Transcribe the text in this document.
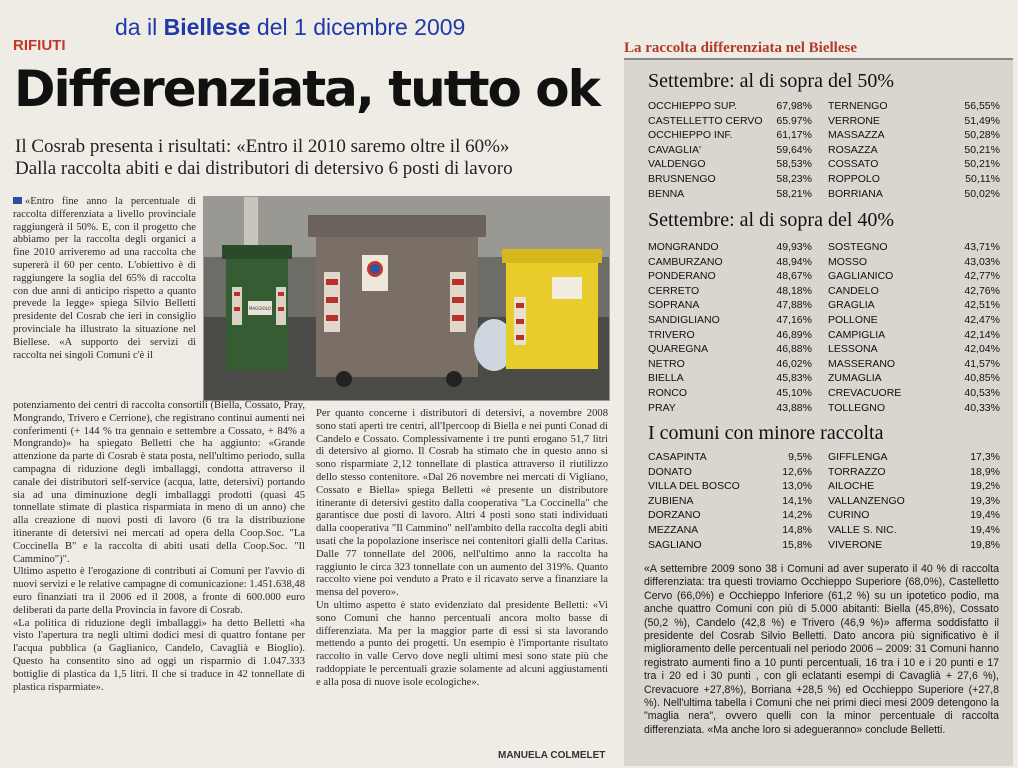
da il Biellese del 1 dicembre 2009
RIFIUTI
Differenziata, tutto ok
Il Cosrab presenta i risultati: «Entro il 2010 saremo oltre il 60%»
Dalla raccolta abiti e dai distributori di detersivo 6 posti di lavoro

«Entro fine anno la percentuale di raccolta differenziata a livello provinciale raggiungerà il 50%. E, con il progetto che abbiamo per la raccolta degli organici a fine 2010 arriveremo ad una raccolta che supererà il 60 per cento. L'obiettivo è di raggiungere la soglia del 65% di raccolta con due anni di anticipo rispetto a quanto prevede la legge» spiega Silvio Belletti presidente del Cosrab che ieri in consiglio provinciale ha illustrato la situazione nel Biellese. «A supporto dei servizi di raccolta nei singoli Comuni c'è il

MAGGIOLO

potenziamento dei centri di raccolta consortili (Biella, Cossato, Pray, Mongrando, Trivero e Cerrione), che registrano continui aumenti nei conferimenti (+ 144 % tra gennaio e settembre a Cossato, + 84% a Mongrando)» ha spiegato Belletti che ha aggiunto: «Grande attenzione da parte di Cosrab è stata posta, nell'ultimo periodo, sulla campagna di riduzione degli imballaggi, condotta attraverso il canale dei distributori self-service (acqua, latte, detersivi) portando sia ad una diminuzione degli imballaggi prodotti (quasi 45 tonnellate stimate di plastica risparmiata in meno di un anno) che alla creazione di nuovi posti di lavoro (6 tra la distribuzione itinerante di detersivi nei mercati ad opera della Coop.Soc. "La Coccinella B" e la raccolta di abiti usati della Coop.Soc. "Il Cammino")".

Ultimo aspetto è l'erogazione di contributi ai Comuni per l'avvio di nuovi servizi e le relative campagne di comunicazione: 1.451.638,48 euro finanziati tra il 2006 ed il 2008, a fronte di 600.000 euro deliberati da parte della Provincia in favore di Cosrab.

«La politica di riduzione degli imballaggi» ha detto Belletti «ha visto l'apertura tra negli ultimi dodici mesi di quattro fontane per l'acqua pubblica (a Gaglianico, Candelo, Cavaglià e Bioglio). Questo ha consentito sino ad oggi un risparmio di 1.047.333 bottiglie di plastica da 1,5 litri. Il che si traduce in 42 tonnellate di plastica risparmiate».

Per quanto concerne i distributori di detersivi, a novembre 2008 sono stati aperti tre centri, all'Ipercoop di Biella e nei punti Conad di Candelo e Cossato. Complessivamente i tre punti erogano 51,7 litri di detersivo al giorno. Il Cosrab ha stimato che in questo anno si sono risparmiate 2,12 tonnellate di plastica attraverso il riutilizzo dello stesso contenitore. «Dal 26 novembre nei mercati di Vigliano, Cossato e Biella» spiega Belletti «è presente un distributore itinerante di detersivi gestito dalla cooperativa "La Coccinella" che garantisce due posti di lavoro. Altri 4 posti sono stati individuati dalla cooperativa "Il Cammino" nell'ambito della raccolta degli abiti usati che la popolazione inserisce nei contenitori gialli della Caritas. Dalle 77 tonnellate del 2006, nell'ultimo anno la raccolta ha raggiunto le circa 323 tonnellate con un aumento del 319%. Quanto raccolto viene poi venduto a Prato e il ricavato serve a finanziare la mensa del povero».

Un ultimo aspetto è stato evidenziato dal presidente Belletti: «Vi sono Comuni che hanno percentuali ancora molto basse di differenziata. Ma per la maggior parte di essi si sta lavorando mettendo a punto dei progetti. Un esempio è l'importante risultato raccolto in valle Cervo dove negli ultimi mesi sono state più che raddoppiate le percentuali grazie solamente ad alcuni aggiustamenti e alla posa di nuove isole ecologiche».

MANUELA COLMELET
La raccolta differenziata nel Biellese
Settembre: al di sopra del 50%
OCCHIEPPO SUP.	67,98% TERNENGO	56,55%
CASTELLETTO CERVO	65.97% VERRONE	51,49%
OCCHIEPPO INF.	61,17% MASSAZZA	50,28%
CAVAGLIA'	59,64% ROSAZZA	50,21%
VALDENGO	58,53% COSSATO	50,21%
BRUSNENGO	58,23% ROPPOLO	50,11%
BENNA	58,21% BORRIANA	50,02%
Settembre: al di sopra del 40%
MONGRANDO	49,93% SOSTEGNO	43,71%
CAMBURZANO	48,94% MOSSO	43,03%
PONDERANO	48,67% GAGLIANICO	42,77%
CERRETO	48,18% CANDELO	42,76%
SOPRANA	47,88% GRAGLIA	42,51%
SANDIGLIANO	47,16% POLLONE	42,47%
TRIVERO	46,89% CAMPIGLIA	42,14%
QUAREGNA	46,88% LESSONA	42,04%
NETRO	46,02% MASSERANO	41,57%
BIELLA	45,83% ZUMAGLIA	40,85%
RONCO	45,10% CREVACUORE	40,53%
PRAY	43,88% TOLLEGNO	40,33%
I comuni con minore raccolta
CASAPINTA	9,5% GIFFLENGA	17,3%
DONATO	12,6% TORRAZZO	18,9%
VILLA DEL BOSCO	13,0% AILOCHE	19,2%
ZUBIENA	14,1% VALLANZENGO	19,3%
DORZANO	14,2% CURINO	19,4%
MEZZANA	14,8% VALLE S. NIC.	19,4%
SAGLIANO	15,8% VIVERONE	19,8%
«A settembre 2009 sono 38 i Comuni ad aver superato il 40 % di raccolta differenziata: tra questi troviamo Occhieppo Superiore (68,0%), Castelletto Cervo (66,0%) e Occhieppo Inferiore (61,2 %) su un ipotetico podio, ma anche quattro Comuni con più di 5.000 abitanti: Biella (45,8%), Cossato (50,2 %), Candelo (42,8 %) e Trivero (46,9 %)» afferma soddisfatto il presidente del Cosrab Silvio Belletti. Dato ancora più significativo è il miglioramento delle percentuali nel periodo 2006 – 2009: 31 Comuni hanno registrato aumenti fino a 10 punti percentuali, 16 tra i 10 e i 20 punti e 17 tra i 20 ed i 30 punti , con gli eclatanti esempi di Cavaglià + 27,6 %), Crevacuore +27,8%), Borriana +28,5 %) ed Occhieppo Superiore (+27,8 %). Nell'ultima tabella i Comuni che nei primi dieci mesi 2009 detengono la "maglia nera", ovvero quelli con la minor percentuale di raccolta differenziata. «Ma anche loro si adegueranno» conclude Belletti.
